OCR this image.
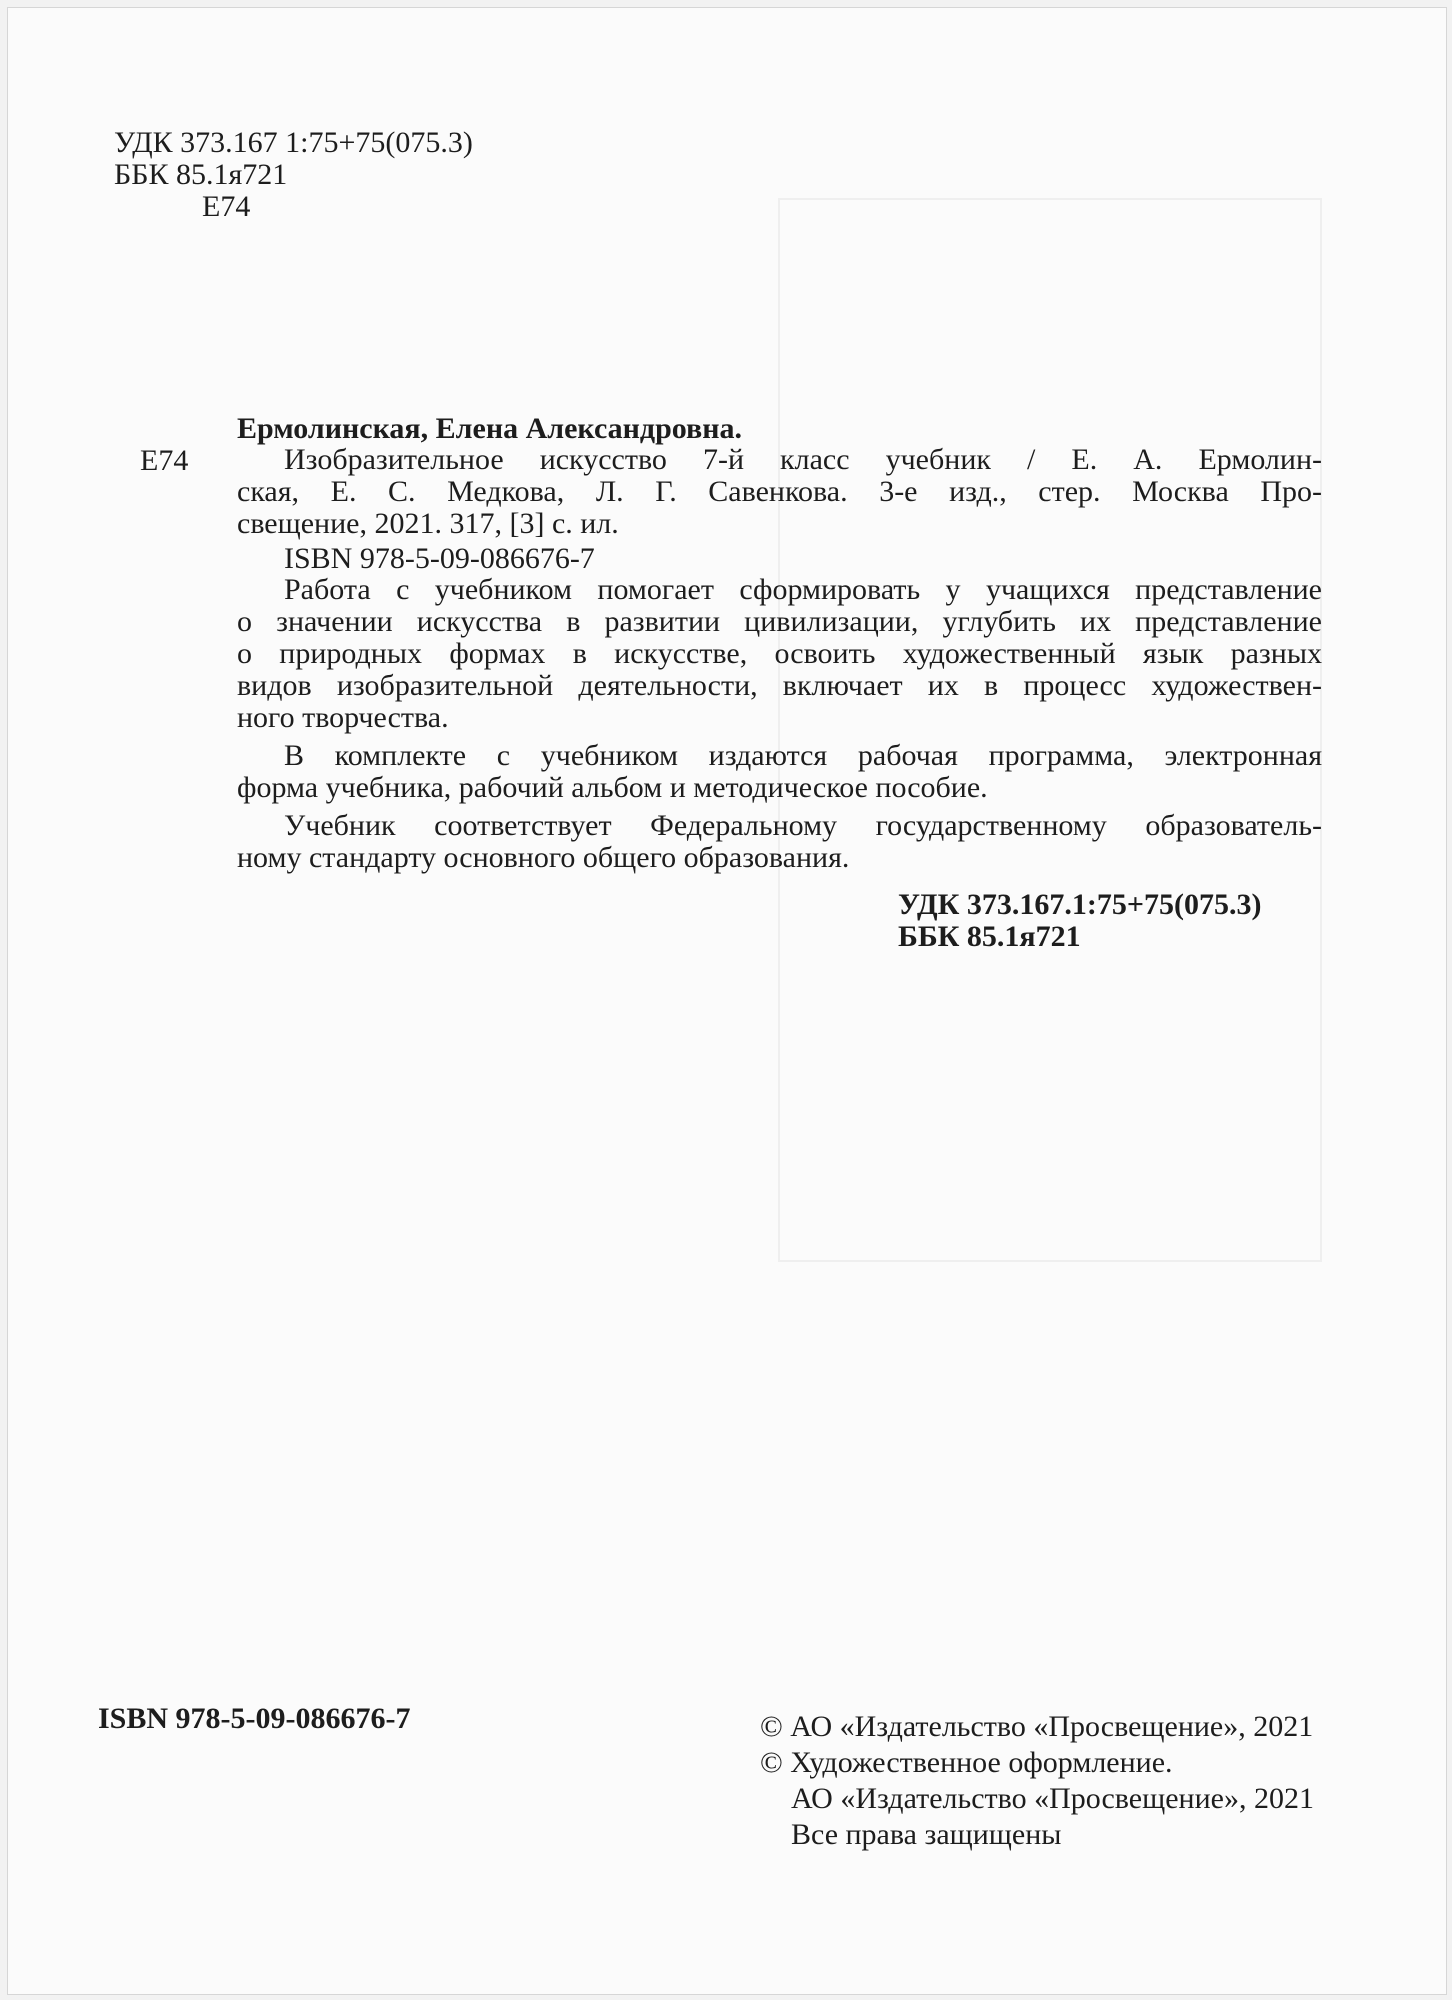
УДК 373.167 1:75+75(075.3)
ББК 85.1я721
Е74
Ермолинская, Елена Александровна.
Е74	Изобразительное искусство 7-й класс учебник / Е. А. Ермолин-
ская, Е. С. Медкова, Л. Г. Савенкова. 3-е изд., стер. Москва Про-
свещение, 2021. 317, [3] с. ил.
ISBN 978-5-09-086676-7
Работа с учебником помогает сформировать у учащихся представление
о значении искусства в развитии цивилизации, углубить их представление
о природных формах в искусстве, освоить художественный язык разных
видов изобразительной деятельности, включает их в процесс художествен-
ного творчества.
В комплекте с учебником издаются рабочая программа, электронная
форма учебника, рабочий альбом и методическое пособие.
Учебник соответствует Федеральному государственному образователь-
ному стандарту основного общего образования.
УДК 373.167.1:75+75(075.3)
ББК 85.1я721
ISBN 978-5-09-086676-7	© АО «Издательство «Просвещение», 2021
© Художественное оформление.
АО «Издательство «Просвещение», 2021
Все права защищены
